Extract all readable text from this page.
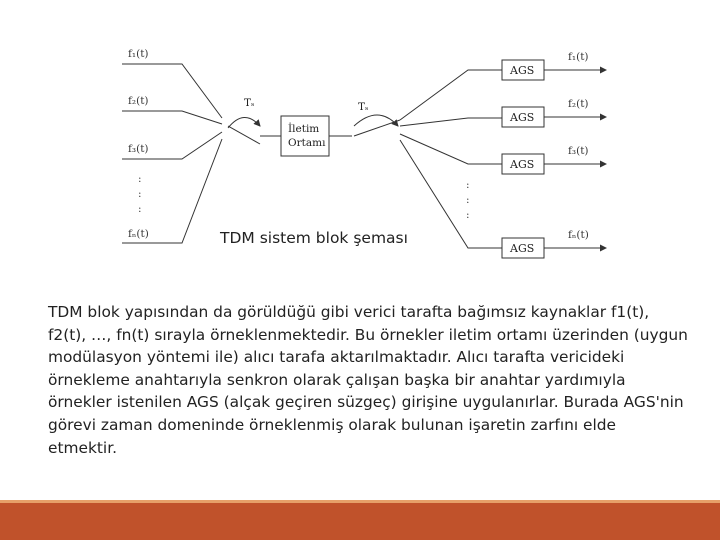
f₁(t)
f₂(t)
f₃(t)
fₙ(t)
: : :
Tₛ
İletim
Ortamı
Tₛ
: : :
AGS
AGS
AGS
AGS
f₁(t)
f₂(t)
f₃(t)
fₙ(t)
TDM sistem blok şeması

TDM blok yapısından da görüldüğü gibi verici tarafta bağımsız kaynaklar f1(t), f2(t), …, fn(t) sırayla örneklenmektedir. Bu örnekler iletim ortamı üzerinden (uygun modülasyon yöntemi ile) alıcı tarafa aktarılmaktadır. Alıcı tarafta vericideki örnekleme anahtarıyla senkron olarak çalışan başka bir anahtar yardımıyla örnekler istenilen AGS (alçak geçiren süzgeç) girişine uygulanırlar. Burada AGS'nin görevi zaman domeninde örneklenmiş olarak bulunan işaretin zarfını elde etmektir.
